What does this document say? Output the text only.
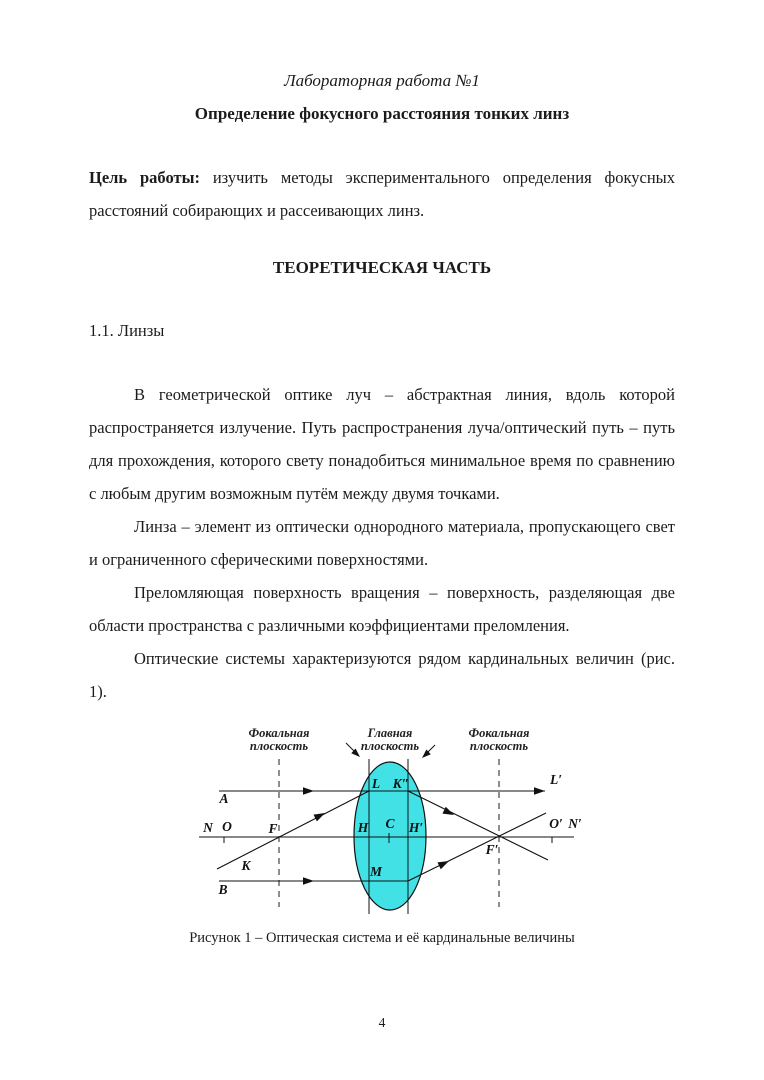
Лабораторная работа №1
Определение фокусного расстояния тонких линз

Цель работы: изучить методы экспериментального определения фокусных расстояний собирающих и рассеивающих линз.

ТЕОРЕТИЧЕСКАЯ ЧАСТЬ
1.1. Линзы

В геометрической оптике луч – абстрактная линия, вдоль которой распространяется излучение. Путь распространения луча/оптический путь – путь для прохождения, которого свету понадобиться минимальное время по сравнению с любым другим возможным путём между двумя точками.

Линза – элемент из оптически однородного материала, пропускающего свет и ограниченного сферическими поверхностями.

Преломляющая поверхность вращения – поверхность, разделяющая две области пространства с различными коэффициентами преломления.

Оптические системы характеризуются рядом кардинальных величин (рис. 1).

Фокальная
плоскость
Главная
плоскость
Фокальная
плоскость
A
N O	F
K
B
L K″
H C H′
M
L′
F′
O′ N′
Рисунок 1 – Оптическая система и её кардинальные величины
4
